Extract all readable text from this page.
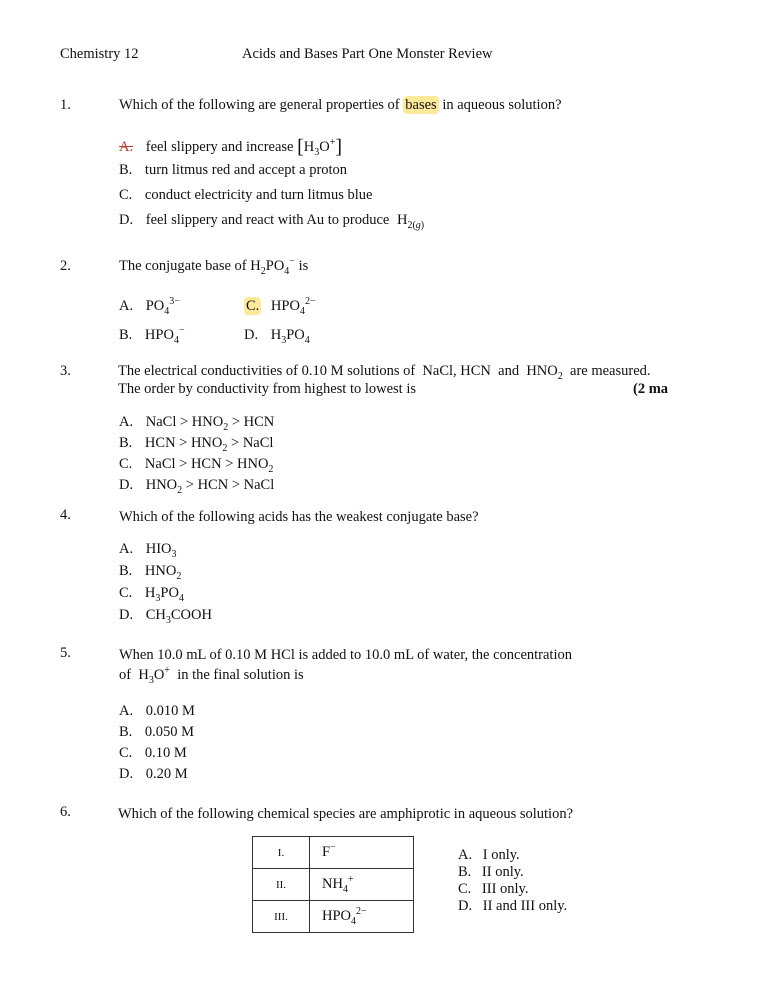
Chemistry 12	Acids and Bases Part One Monster Review
1.	Which of the following are general properties of bases in aqueous solution?
A. feel slippery and increase $[H_3O^+]$
B. turn litmus red and accept a proton
C. conduct electricity and turn litmus blue
D. feel slippery and react with Au to produce $H_{2(g)}$
2.	The conjugate base of $H_2PO_4^-$ is
A. $PO_4^{3-}$	C. $HPO_4^{2-}$
B. $HPO_4^-$	D. $H_3PO_4$
3.	The electrical conductivities of 0.10 M solutions of  NaCl, HCN  and  $HNO_2$  are measured.
The order by conductivity from highest to lowest is	(2 ma
A. NaCl > $HNO_2$ > HCN
B. HCN > $HNO_2$ > NaCl
C. NaCl > HCN > $HNO_2$
D. $HNO_2$ > HCN > NaCl
4.	Which of the following acids has the weakest conjugate base?
A. $HIO_3$
B. $HNO_2$
C. $H_3PO_4$
D. $CH_3COOH$
5.	When 10.0 mL of 0.10 M HCl is added to 10.0 mL of water, the concentration
of  $H_3O^+$  in the final solution is
A. 0.010 M
B. 0.050 M
C. 0.10 M
D. 0.20 M
6.	Which of the following chemical species are amphiprotic in aqueous solution?
I.	F−
II.	$NH_4^+$
III.	$HPO_4^{2-}$
A. I only.
B. II only.
C. III only.
D. II and III only.
